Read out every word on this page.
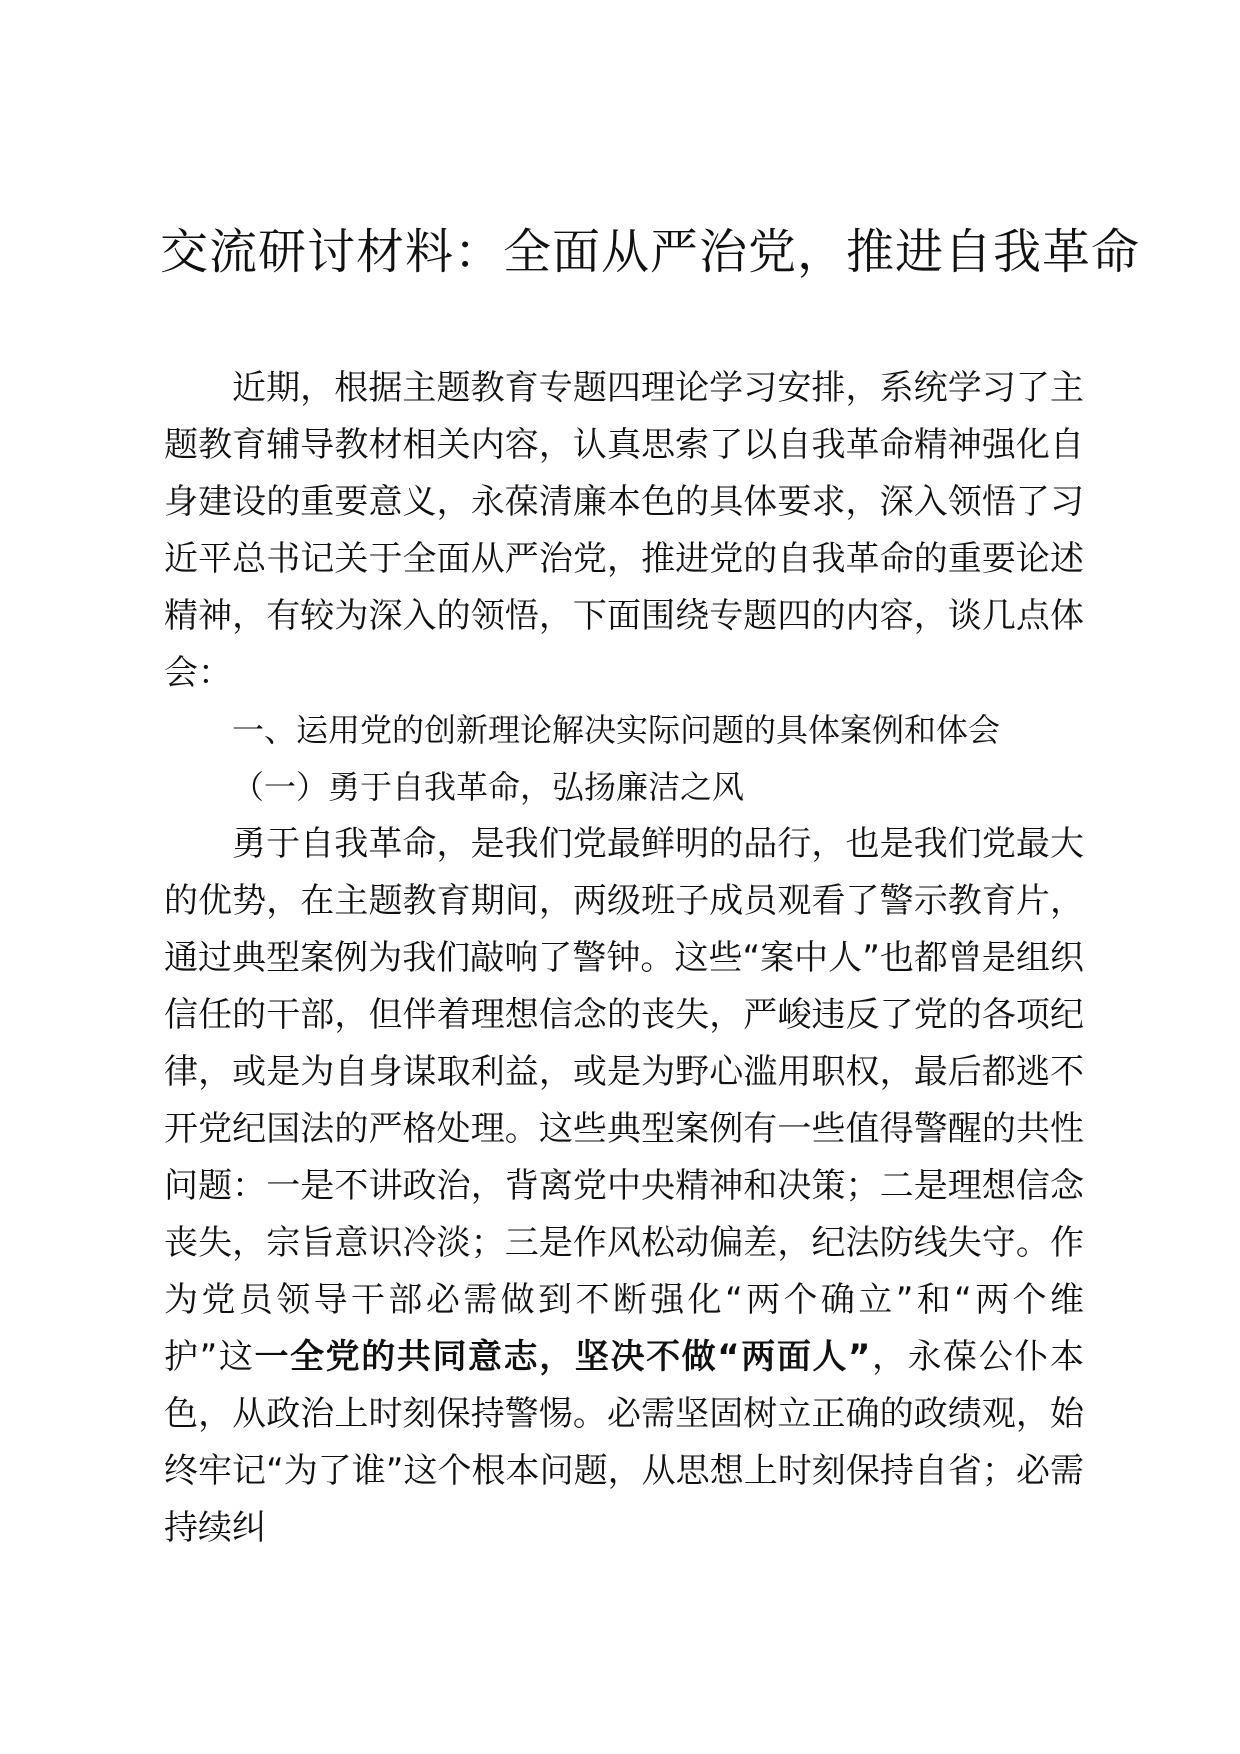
交流研讨材料：全面从严治党，推进自我革命

近期，根据主题教育专题四理论学习安排，系统学习了主题教育辅导教材相关内容，认真思索了以自我革命精神强化自身建设的重要意义，永葆清廉本色的具体要求，深入领悟了习近平总书记关于全面从严治党，推进党的自我革命的重要论述精神，有较为深入的领悟，下面围绕专题四的内容，谈几点体会：

一、运用党的创新理论解决实际问题的具体案例和体会

（一）勇于自我革命，弘扬廉洁之风

勇于自我革命，是我们党最鲜明的品行，也是我们党最大的优势，在主题教育期间，两级班子成员观看了警示教育片，通过典型案例为我们敲响了警钟。这些“案中人”也都曾是组织信任的干部，但伴着理想信念的丧失，严峻违反了党的各项纪律，或是为自身谋取利益，或是为野心滥用职权，最后都逃不开党纪国法的严格处理。这些典型案例有一些值得警醒的共性问题：一是不讲政治，背离党中央精神和决策；二是理想信念丧失，宗旨意识冷淡；三是作风松动偏差，纪法防线失守。作为党员领导干部必需做到不断强化“两个确立”和“两个维护”这一全党的共同意志，坚决不做“两面人”，永葆公仆本色，从政治上时刻保持警惕。必需坚固树立正确的政绩观，始终牢记“为了谁”这个根本问题，从思想上时刻保持自省；必需持续纠
